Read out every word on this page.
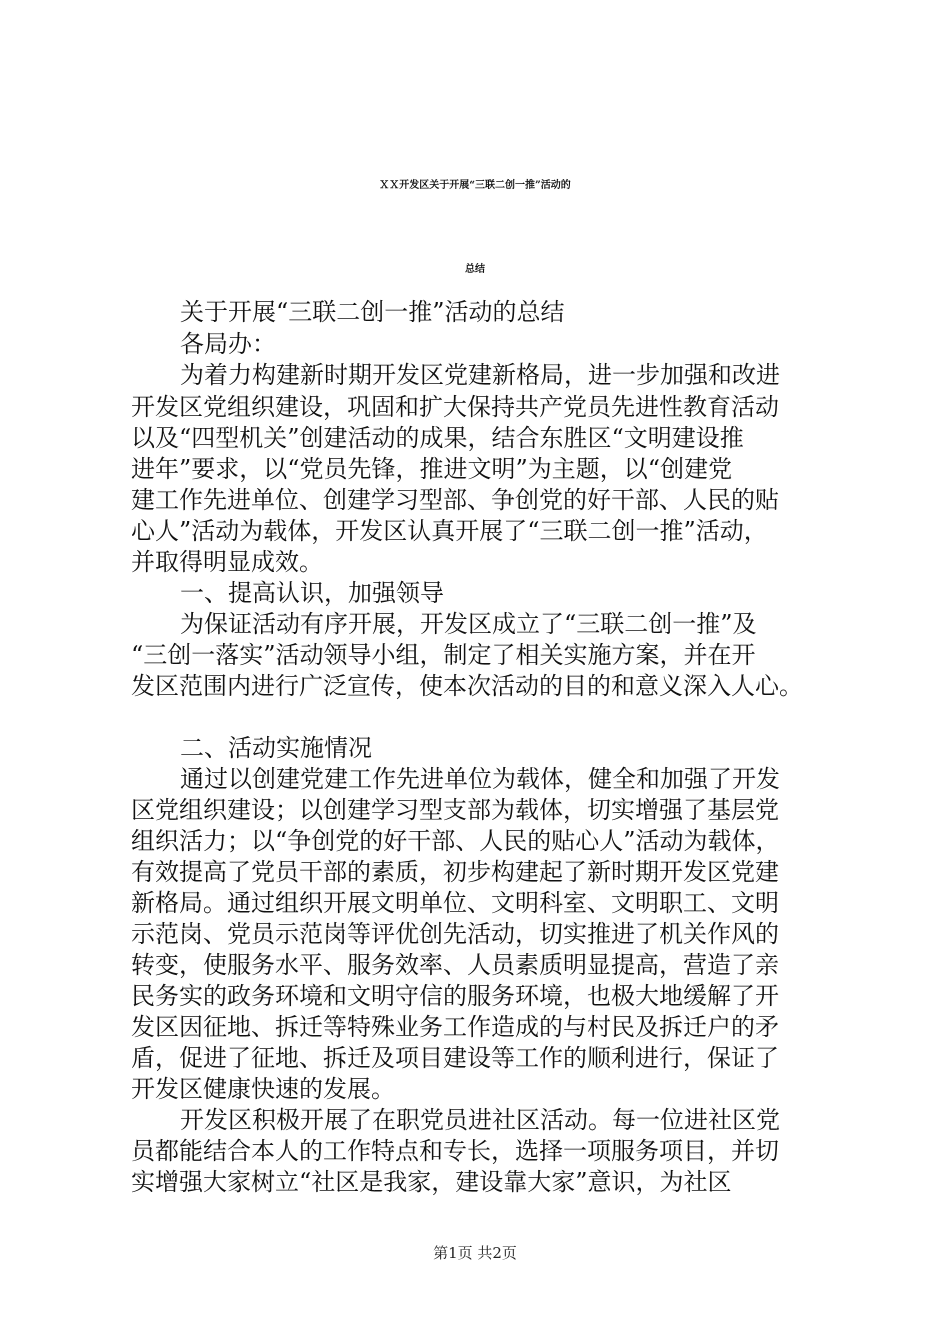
ＸＸ开发区关于开展“三联二创一推”活动的
总结
关于开展“三联二创一推”活动的总结
各局办：
为着力构建新时期开发区党建新格局，进一步加强和改进
开发区党组织建设，巩固和扩大保持共产党员先进性教育活动
以及“四型机关”创建活动的成果，结合东胜区“文明建设推
进年”要求，以“党员先锋，推进文明”为主题，以“创建党
建工作先进单位、创建学习型部、争创党的好干部、人民的贴
心人”活动为载体，开发区认真开展了“三联二创一推”活动，
并取得明显成效。
一、提高认识，加强领导
为保证活动有序开展，开发区成立了“三联二创一推”及
“三创一落实”活动领导小组，制定了相关实施方案，并在开
发区范围内进行广泛宣传，使本次活动的目的和意义深入人心。
二、活动实施情况
通过以创建党建工作先进单位为载体，健全和加强了开发
区党组织建设；以创建学习型支部为载体，切实增强了基层党
组织活力；以“争创党的好干部、人民的贴心人”活动为载体，
有效提高了党员干部的素质，初步构建起了新时期开发区党建
新格局。通过组织开展文明单位、文明科室、文明职工、文明
示范岗、党员示范岗等评优创先活动，切实推进了机关作风的
转变，使服务水平、服务效率、人员素质明显提高，营造了亲
民务实的政务环境和文明守信的服务环境，也极大地缓解了开
发区因征地、拆迁等特殊业务工作造成的与村民及拆迁户的矛
盾，促进了征地、拆迁及项目建设等工作的顺利进行，保证了
开发区健康快速的发展。
开发区积极开展了在职党员进社区活动。每一位进社区党
员都能结合本人的工作特点和专长，选择一项服务项目，并切
实增强大家树立“社区是我家，建设靠大家”意识，为社区
第1页 共2页
